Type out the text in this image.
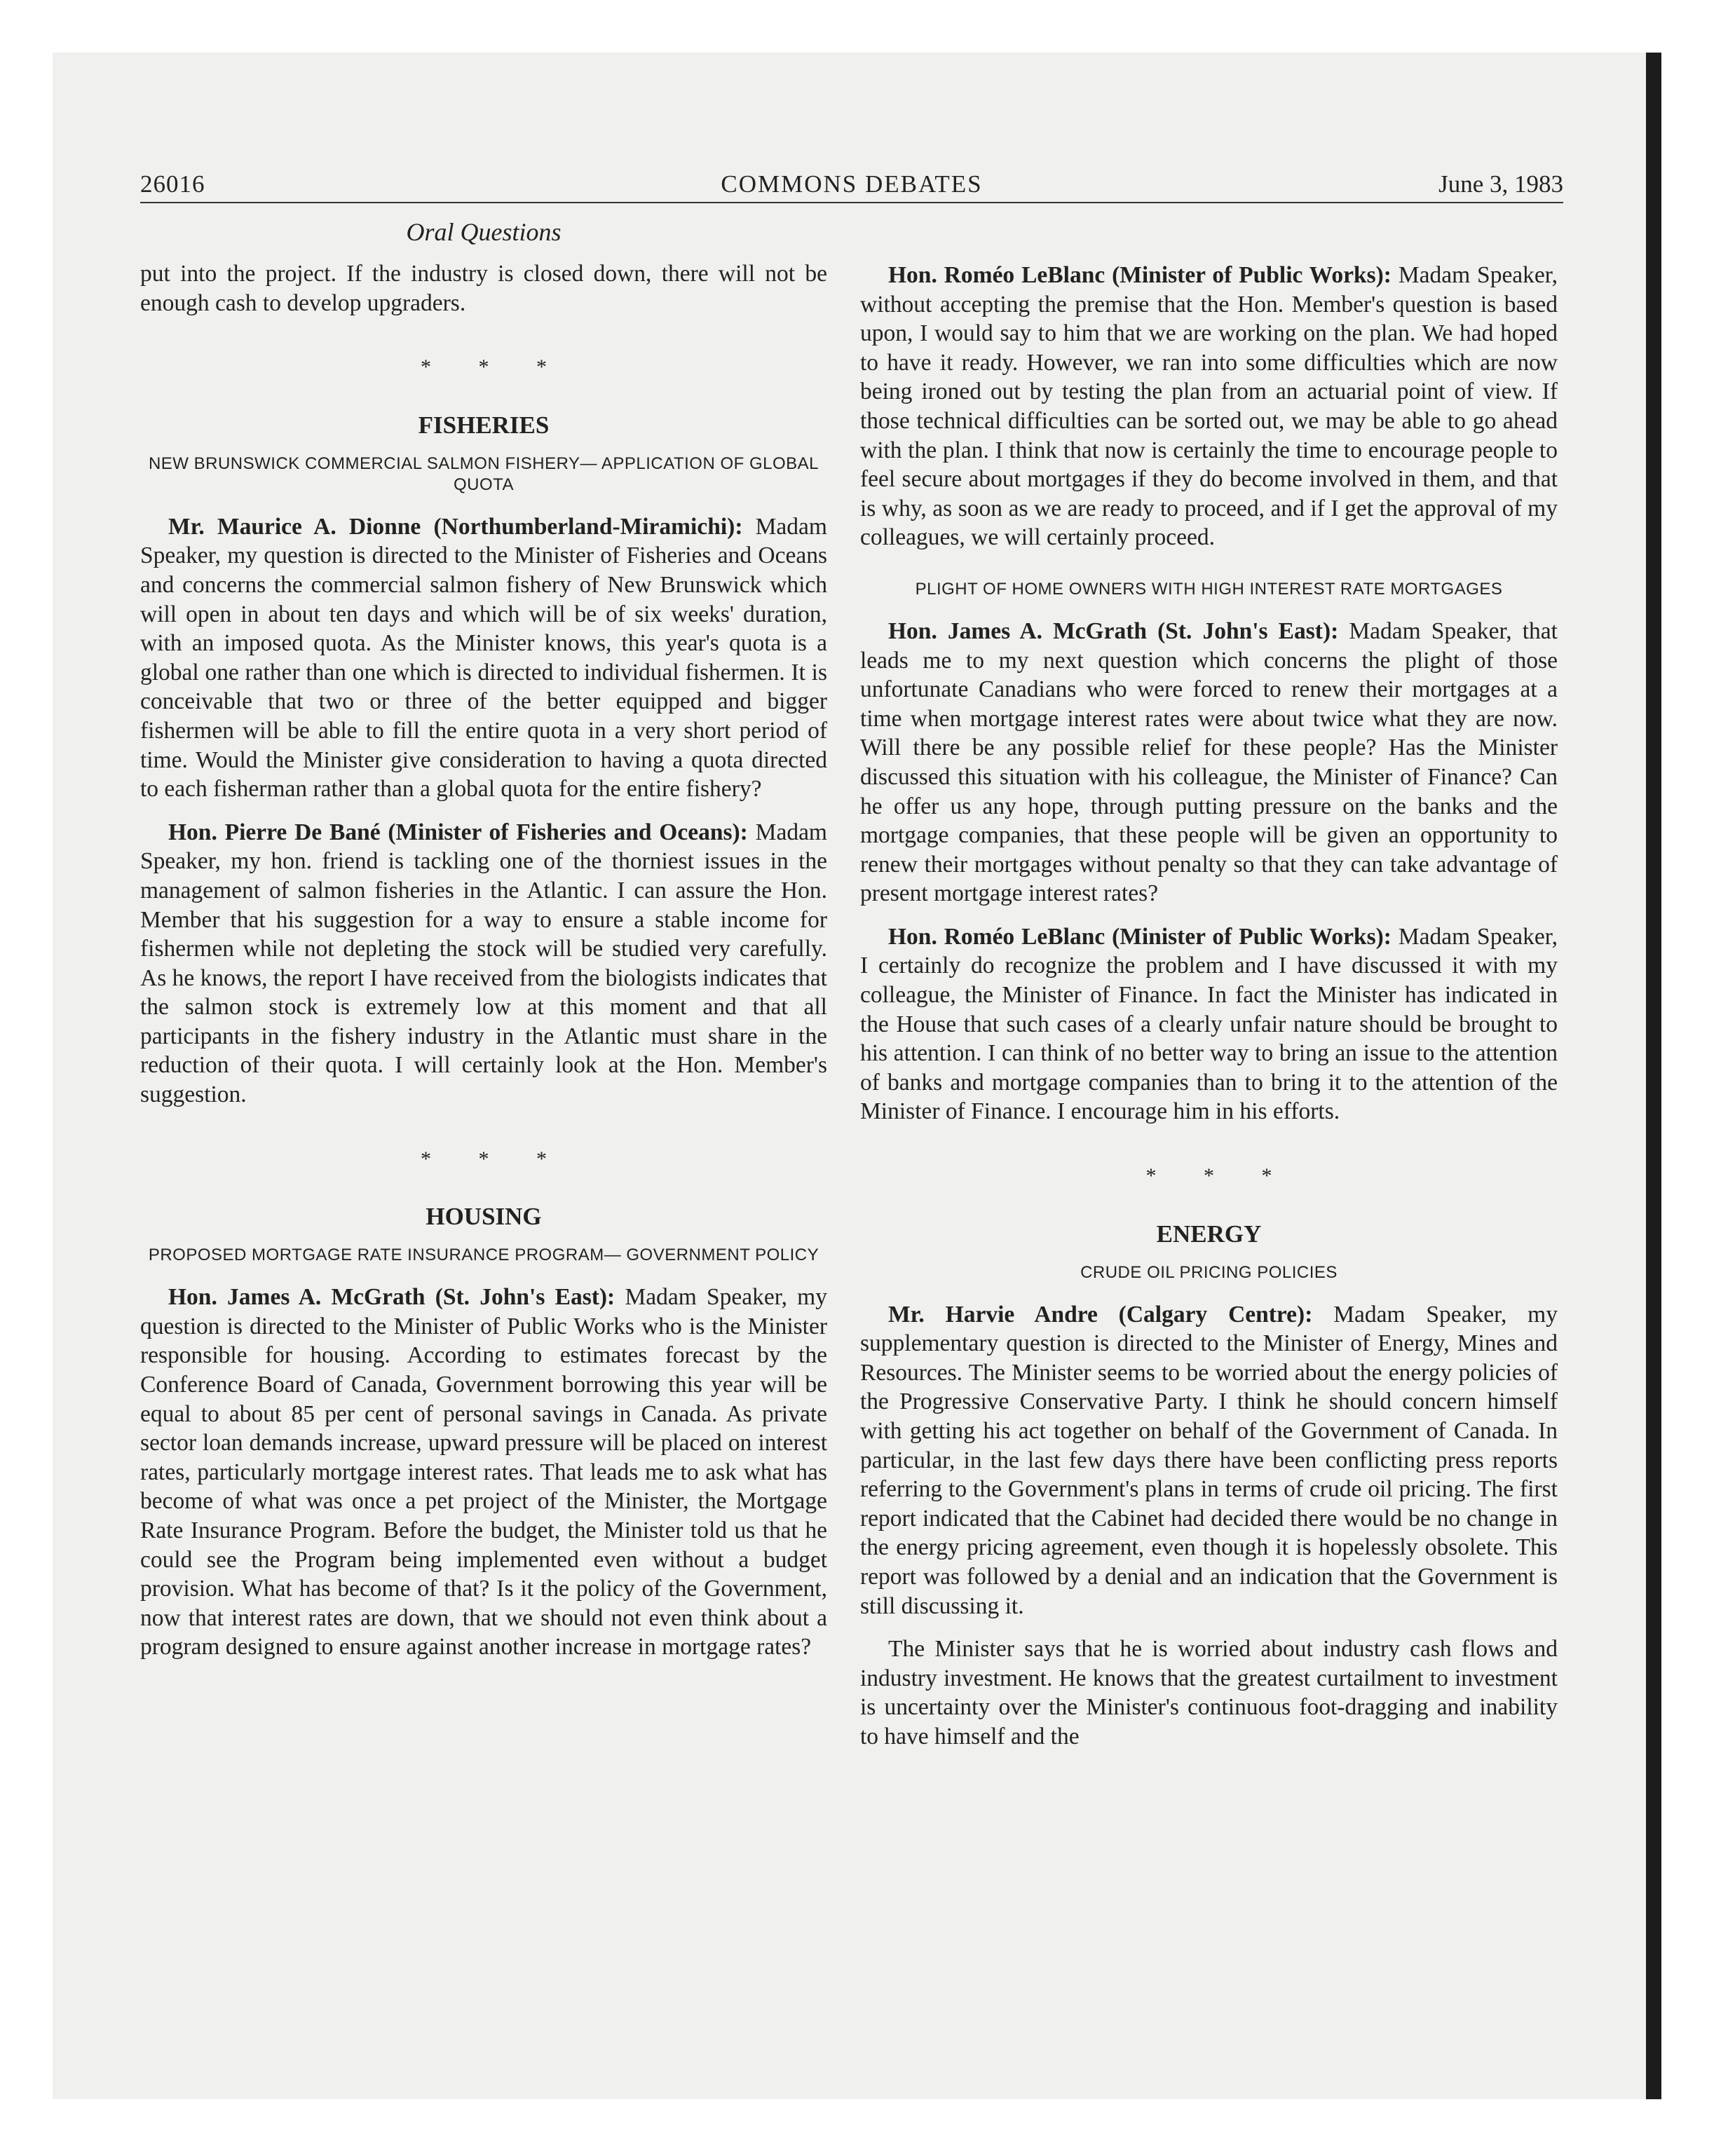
26016	COMMONS DEBATES	June 3, 1983
Oral Questions

put into the project. If the industry is closed down, there will not be enough cash to develop upgraders.

* * *
FISHERIES
NEW BRUNSWICK COMMERCIAL SALMON FISHERY— APPLICATION OF GLOBAL QUOTA

Mr. Maurice A. Dionne (Northumberland-Miramichi): Madam Speaker, my question is directed to the Minister of Fisheries and Oceans and concerns the commercial salmon fishery of New Brunswick which will open in about ten days and which will be of six weeks' duration, with an imposed quota. As the Minister knows, this year's quota is a global one rather than one which is directed to individual fishermen. It is conceivable that two or three of the better equipped and bigger fishermen will be able to fill the entire quota in a very short period of time. Would the Minister give consideration to having a quota directed to each fisherman rather than a global quota for the entire fishery?

Hon. Pierre De Bané (Minister of Fisheries and Oceans): Madam Speaker, my hon. friend is tackling one of the thorniest issues in the management of salmon fisheries in the Atlantic. I can assure the Hon. Member that his suggestion for a way to ensure a stable income for fishermen while not depleting the stock will be studied very carefully. As he knows, the report I have received from the biologists indicates that the salmon stock is extremely low at this moment and that all participants in the fishery industry in the Atlantic must share in the reduction of their quota. I will certainly look at the Hon. Member's suggestion.

* * *
HOUSING
PROPOSED MORTGAGE RATE INSURANCE PROGRAM— GOVERNMENT POLICY

Hon. James A. McGrath (St. John's East): Madam Speaker, my question is directed to the Minister of Public Works who is the Minister responsible for housing. According to estimates forecast by the Conference Board of Canada, Government borrowing this year will be equal to about 85 per cent of personal savings in Canada. As private sector loan demands increase, upward pressure will be placed on interest rates, particularly mortgage interest rates. That leads me to ask what has become of what was once a pet project of the Minister, the Mortgage Rate Insurance Program. Before the budget, the Minister told us that he could see the Program being implemented even without a budget provision. What has become of that? Is it the policy of the Government, now that interest rates are down, that we should not even think about a program designed to ensure against another increase in mortgage rates?

Hon. Roméo LeBlanc (Minister of Public Works): Madam Speaker, without accepting the premise that the Hon. Member's question is based upon, I would say to him that we are working on the plan. We had hoped to have it ready. However, we ran into some difficulties which are now being ironed out by testing the plan from an actuarial point of view. If those technical difficulties can be sorted out, we may be able to go ahead with the plan. I think that now is certainly the time to encourage people to feel secure about mortgages if they do become involved in them, and that is why, as soon as we are ready to proceed, and if I get the approval of my colleagues, we will certainly proceed.

PLIGHT OF HOME OWNERS WITH HIGH INTEREST RATE MORTGAGES

Hon. James A. McGrath (St. John's East): Madam Speaker, that leads me to my next question which concerns the plight of those unfortunate Canadians who were forced to renew their mortgages at a time when mortgage interest rates were about twice what they are now. Will there be any possible relief for these people? Has the Minister discussed this situation with his colleague, the Minister of Finance? Can he offer us any hope, through putting pressure on the banks and the mortgage companies, that these people will be given an opportunity to renew their mortgages without penalty so that they can take advantage of present mortgage interest rates?

Hon. Roméo LeBlanc (Minister of Public Works): Madam Speaker, I certainly do recognize the problem and I have discussed it with my colleague, the Minister of Finance. In fact the Minister has indicated in the House that such cases of a clearly unfair nature should be brought to his attention. I can think of no better way to bring an issue to the attention of banks and mortgage companies than to bring it to the attention of the Minister of Finance. I encourage him in his efforts.

* * *
ENERGY
CRUDE OIL PRICING POLICIES

Mr. Harvie Andre (Calgary Centre): Madam Speaker, my supplementary question is directed to the Minister of Energy, Mines and Resources. The Minister seems to be worried about the energy policies of the Progressive Conservative Party. I think he should concern himself with getting his act together on behalf of the Government of Canada. In particular, in the last few days there have been conflicting press reports referring to the Government's plans in terms of crude oil pricing. The first report indicated that the Cabinet had decided there would be no change in the energy pricing agreement, even though it is hopelessly obsolete. This report was followed by a denial and an indication that the Government is still discussing it.

The Minister says that he is worried about industry cash flows and industry investment. He knows that the greatest curtailment to investment is uncertainty over the Minister's continuous foot-dragging and inability to have himself and the
